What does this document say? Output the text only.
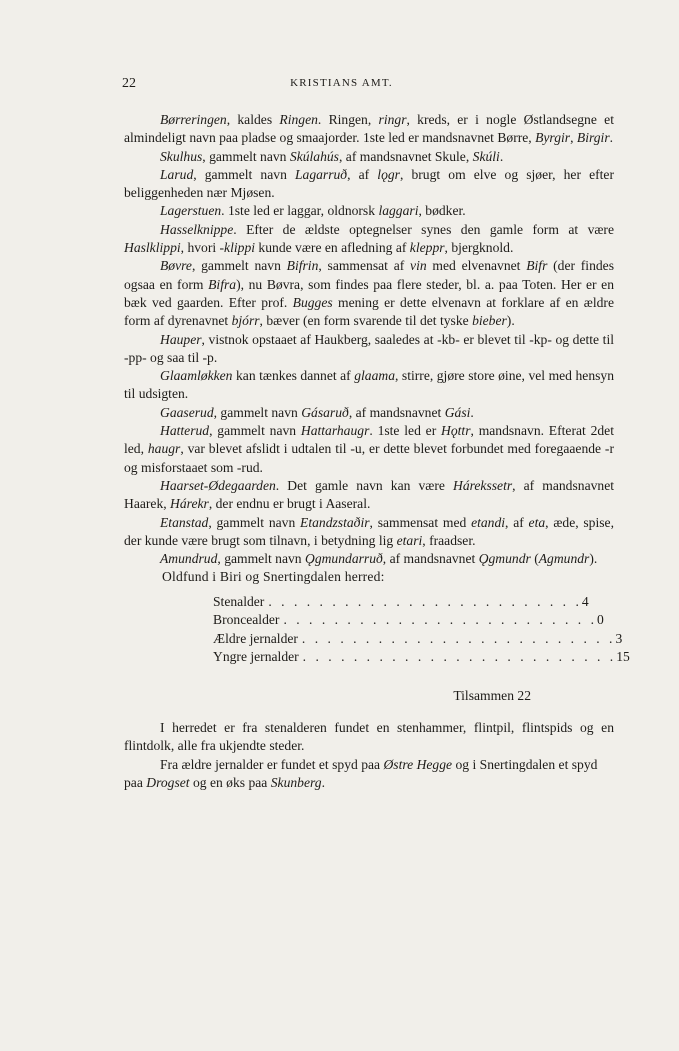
22	KRISTIANS AMT.

Børreringen, kaldes Ringen. Ringen, ringr, kreds, er i nogle Østlandsegne et almindeligt navn paa pladse og smaajorder. 1ste led er mandsnavnet Børre, Byrgir, Birgir.

Skulhus, gammelt navn Skúlahús, af mandsnavnet Skule, Skúli.

Larud, gammelt navn Lagarruð, af lǫgr, brugt om elve og sjøer, her efter beliggenheden nær Mjøsen.

Lagerstuen. 1ste led er laggar, oldnorsk laggari, bødker.

Hasselknippe. Efter de ældste optegnelser synes den gamle form at være Haslklippi, hvori -klippi kunde være en afledning af kleppr, bjergknold.

Bøvre, gammelt navn Bifrin, sammensat af vin med elvenavnet Bifr (der findes ogsaa en form Bifra), nu Bøvra, som findes paa flere steder, bl. a. paa Toten. Her er en bæk ved gaarden. Efter prof. Bugges mening er dette elvenavn at forklare af en ældre form af dyrenavnet bjórr, bæver (en form svarende til det tyske bieber).

Hauper, vistnok opstaaet af Haukberg, saaledes at -kb- er blevet til -kp- og dette til -pp- og saa til -p.

Glaamløkken kan tænkes dannet af glaama, stirre, gjøre store øine, vel med hensyn til udsigten.

Gaaserud, gammelt navn Gásaruð, af mandsnavnet Gási.

Hatterud, gammelt navn Hattarhaugr. 1ste led er Hǫttr, mandsnavn. Efterat 2det led, haugr, var blevet afslidt i udtalen til -u, er dette blevet forbundet med foregaaende -r og misforstaaet som -rud.

Haarset-Ødegaarden. Det gamle navn kan være Hárekssetr, af mandsnavnet Haarek, Hárekr, der endnu er brugt i Aaseral.

Etanstad, gammelt navn Etandzstaðir, sammensat med etandi, af eta, æde, spise, der kunde være brugt som tilnavn, i betydning lig etari, fraadser.

Amundrud, gammelt navn Ǫgmundarruð, af mandsnavnet Ǫgmundr (Agmundr).

Oldfund i Biri og Snertingdalen herred:

Stenalder . . . . . . . . . . . . . . . . . . . . . . . . . 4
Broncealder . . . . . . . . . . . . . . . . . . . . . . . . . 0
Ældre jernalder . . . . . . . . . . . . . . . . . . . . . . . . . 3
Yngre jernalder . . . . . . . . . . . . . . . . . . . . . . . . . 15
Tilsammen 22

I herredet er fra stenalderen fundet en stenhammer, flintpil, flintspids og en flintdolk, alle fra ukjendte steder.

Fra ældre jernalder er fundet et spyd paa Østre Hegge og i Snertingdalen et spyd paa Drogset og en øks paa Skunberg.
